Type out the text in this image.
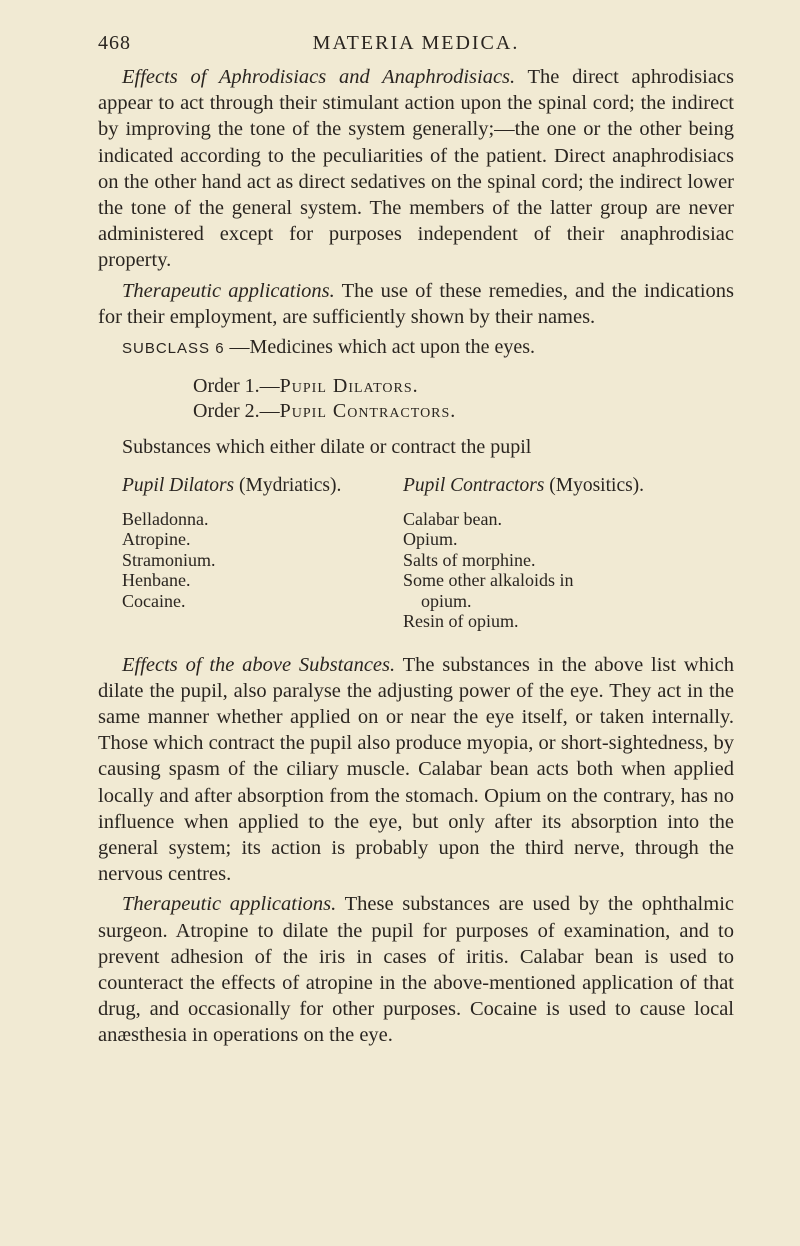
468	MATERIA MEDICA.

Effects of Aphrodisiacs and Anaphrodisiacs. The direct aphrodisiacs appear to act through their stimulant action upon the spinal cord; the indirect by improving the tone of the system generally;—the one or the other being indicated according to the peculiarities of the patient. Direct anaphrodisiacs on the other hand act as direct sedatives on the spinal cord; the indirect lower the tone of the general system. The members of the latter group are never administered except for purposes independent of their anaphrodisiac property.

Therapeutic applications. The use of these remedies, and the indications for their employment, are sufficiently shown by their names.

SUBCLASS 6 —Medicines which act upon the eyes.
Order 1.—Pupil Dilators.
Order 2.—Pupil Contractors.
Substances which either dilate or contract the pupil
Pupil Dilators (Mydriatics).
Belladonna.
Atropine.
Stramonium.
Henbane.
Cocaine.
Pupil Contractors (Myositics).
Calabar bean.
Opium.
Salts of morphine.
Some other alkaloids in
opium.
Resin of opium.

Effects of the above Substances. The substances in the above list which dilate the pupil, also paralyse the adjusting power of the eye. They act in the same manner whether applied on or near the eye itself, or taken internally. Those which contract the pupil also produce myopia, or short-sightedness, by causing spasm of the ciliary muscle. Calabar bean acts both when applied locally and after absorption from the stomach. Opium on the contrary, has no influence when applied to the eye, but only after its absorption into the general system; its action is probably upon the third nerve, through the nervous centres.

Therapeutic applications. These substances are used by the ophthalmic surgeon. Atropine to dilate the pupil for purposes of examination, and to prevent adhesion of the iris in cases of iritis. Calabar bean is used to counteract the effects of atropine in the above-mentioned application of that drug, and occasionally for other purposes. Cocaine is used to cause local anæsthesia in operations on the eye.
